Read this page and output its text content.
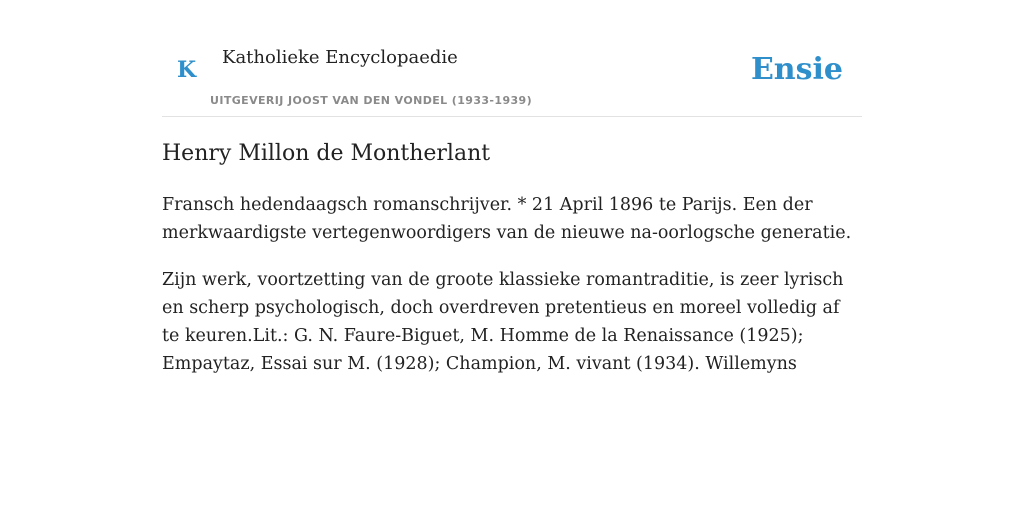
K Katholieke Encyclopaedie
UITGEVERIJ JOOST VAN DEN VONDEL (1933-1939)
Ensie
Henry Millon de Montherlant

Fransch hedendaagsch romanschrijver. * 21 April 1896 te Parijs. Een der merkwaardigste vertegenwoordigers van de nieuwe na-oorlogsche generatie.

Zijn werk, voortzetting van de groote klassieke romantraditie, is zeer lyrisch en scherp psychologisch, doch overdreven pretentieus en moreel volledig af te keuren.Lit.: G. N. Faure-Biguet, M. Homme de la Renaissance (1925); Empaytaz, Essai sur M. (1928); Champion, M. vivant (1934). Willemyns
